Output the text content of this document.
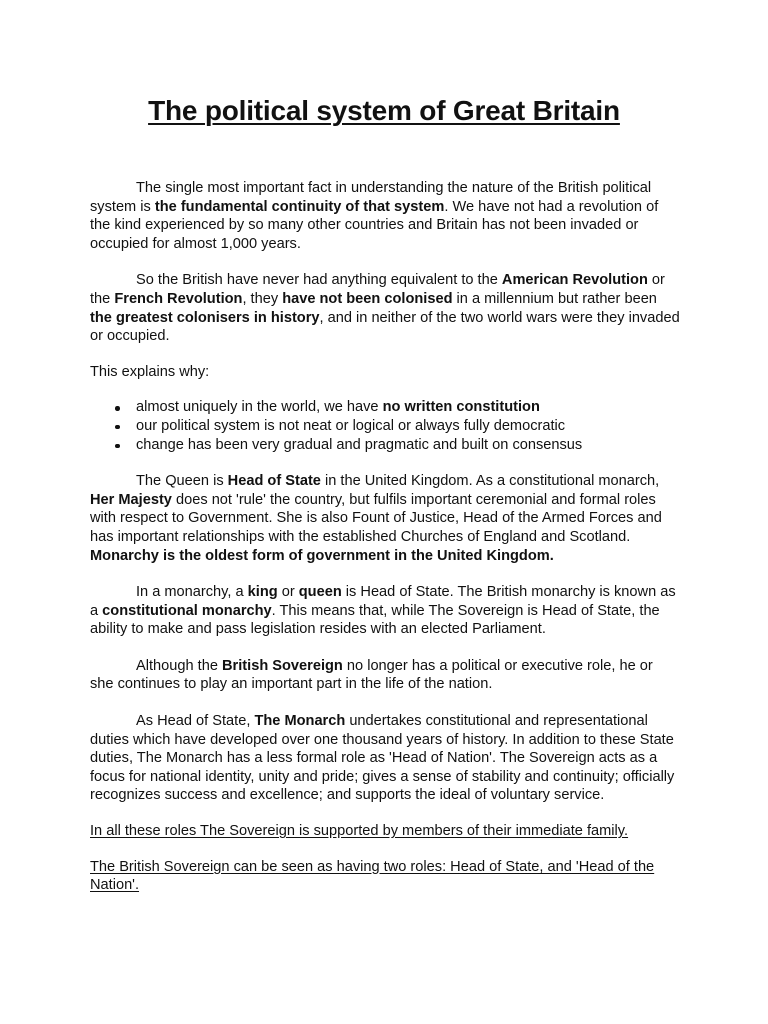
The political system of Great Britain

The single most important fact in understanding the nature of the British political system is the fundamental continuity of that system. We have not had a revolution of the kind experienced by so many other countries and Britain has not been invaded or occupied for almost 1,000 years.

So the British have never had anything equivalent to the American Revolution or the French Revolution, they have not been colonised in a millennium but rather been the greatest colonisers in history, and in neither of the two world wars were they invaded or occupied.

This explains why:

almost uniquely in the world, we have no written constitution
our political system is not neat or logical or always fully democratic
change has been very gradual and pragmatic and built on consensus

The Queen is Head of State in the United Kingdom. As a constitutional monarch, Her Majesty does not 'rule' the country, but fulfils important ceremonial and formal roles with respect to Government. She is also Fount of Justice, Head of the Armed Forces and has important relationships with the established Churches of England and Scotland. Monarchy is the oldest form of government in the United Kingdom.

In a monarchy, a king or queen is Head of State. The British monarchy is known as a constitutional monarchy. This means that, while The Sovereign is Head of State, the ability to make and pass legislation resides with an elected Parliament.

Although the British Sovereign no longer has a political or executive role, he or she continues to play an important part in the life of the nation.

As Head of State, The Monarch undertakes constitutional and representational duties which have developed over one thousand years of history. In addition to these State duties, The Monarch has a less formal role as 'Head of Nation'. The Sovereign acts as a focus for national identity, unity and pride; gives a sense of stability and continuity; officially recognizes success and excellence; and supports the ideal of voluntary service.

In all these roles The Sovereign is supported by members of their immediate family.

The British Sovereign can be seen as having two roles: Head of State, and 'Head of the Nation'.
